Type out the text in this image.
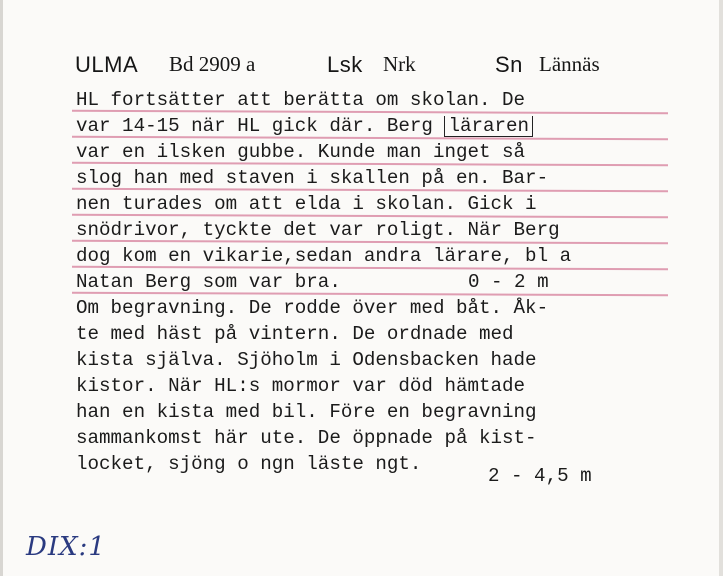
ULMA Bd 2909 a	Lsk Nrk	Sn Lännäs
HL fortsätter att berätta om skolan. De
var 14-15 när HL gick där. Berg läraren
var en ilsken gubbe. Kunde man inget så
slog han med staven i skallen på en. Bar-
nen turades om att elda i skolan. Gick i
snödrivor, tyckte det var roligt. När Berg
dog kom en vikarie,sedan andra lärare, bl a
Natan Berg som var bra.	0 - 2 m
Om begravning. De rodde över med båt. Åk-
te med häst på vintern. De ordnade med
kista själva. Sjöholm i Odensbacken hade
kistor. När HL:s mormor var död hämtade
han en kista med bil. Före en begravning
sammankomst här ute. De öppnade på kist-
locket, sjöng o ngn läste ngt.
2 - 4,5 m
DIX:1
